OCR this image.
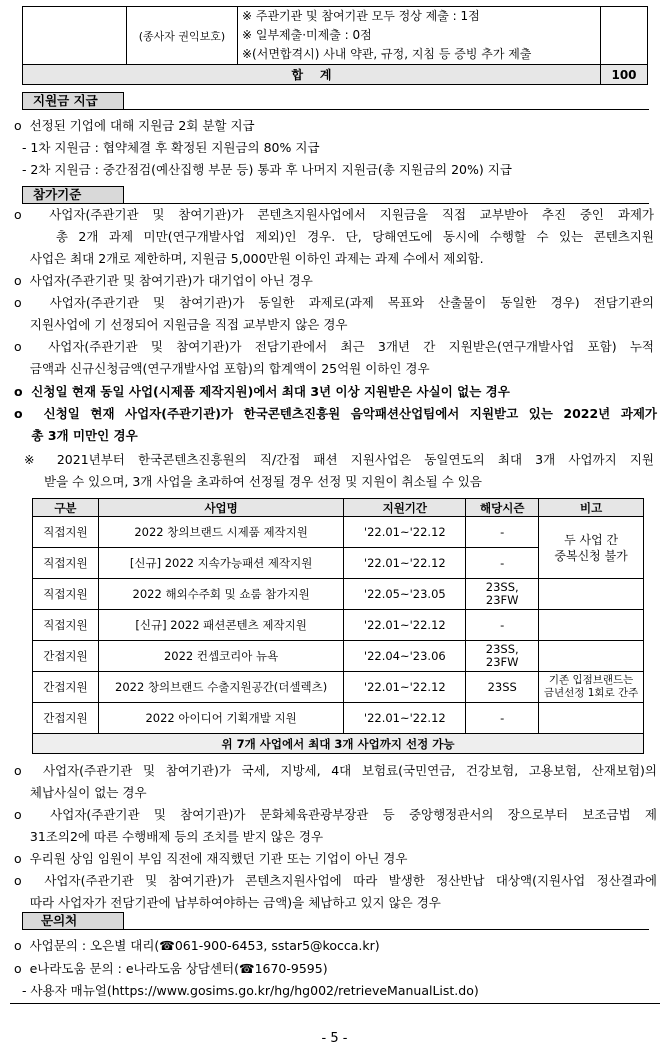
	(종사자 권익보호)	※ 주관기관 및 참여기관 모두 정상 제출 : 1점
※ 일부제출·미제출 : 0점
※(서면합격시) 사내 약관, 규정, 지침 등 증빙 추가 제출	

합    계			100
지원금 지급
o  선정된 기업에 대해 지원금 2회 분할 지급
- 1차 지원금 : 협약체결 후 확정된 지원금의 80% 지급
- 2차 지원금 : 중간점검(예산집행 부문 등) 통과 후 나머지 지원금(총 지원금의 20%) 지급
참가기준
o  사업자(주관기관 및 참여기관)가 콘텐츠지원사업에서 지원금을 직접 교부받아 추진 중인 과제가
총 2개 과제 미만(연구개발사업 제외)인 경우. 단, 당해연도에 동시에 수행할 수 있는 콘텐츠지원
사업은 최대 2개로 제한하며, 지원금 5,000만원 이하인 과제는 과제 수에서 제외함.
o  사업자(주관기관 및 참여기관)가 대기업이 아닌 경우
o  사업자(주관기관 및 참여기관)가 동일한 과제로(과제 목표와 산출물이 동일한 경우) 전담기관의
지원사업에 기 선정되어 지원금을 직접 교부받지 않은 경우
o  사업자(주관기관 및 참여기관)가 전담기관에서 최근 3개년 간 지원받은(연구개발사업 포함) 누적
금액과 신규신청금액(연구개발사업 포함)의 합계액이 25억원 이하인 경우
o  신청일 현재 동일 사업(시제품 제작지원)에서 최대 3년 이상 지원받은 사실이 없는 경우
o  신청일 현재 사업자(주관기관)가 한국콘텐츠진흥원 음악패션산업팀에서 지원받고 있는 2022년 과제가
총 3개 미만인 경우
※ 2021년부터 한국콘텐츠진흥원의 직/간접 패션 지원사업은 동일연도의 최대 3개 사업까지 지원
받을 수 있으며, 3개 사업을 초과하여 선정될 경우 선정 및 지원이 취소될 수 있음
구분	사업명	지원기간	해당시즌	비고
직접지원	2022 창의브랜드 시제품 제작지원	'22.01~'22.12	-	두 사업 간
중복신청 불가
직접지원	[신규] 2022 지속가능패션 제작지원	'22.01~'22.12	-	
직접지원	2022 해외수주회 및 쇼룸 참가지원	'22.05~'23.05	23SS,
23FW	
직접지원	[신규] 2022 패션콘텐츠 제작지원	'22.01~'22.12	-	
간접지원	2022 컨셉코리아 뉴욕	'22.04~'23.06	23SS,
23FW	
간접지원	2022 창의브랜드 수출지원공간(더셀렉츠)	'22.01~'22.12	23SS	기존 입점브랜드는
금년선정 1회로 간주
간접지원	2022 아이디어 기획개발 지원	'22.01~'22.12	-	
위 7개 사업에서 최대 3개 사업까지 선정 가능				
o  사업자(주관기관 및 참여기관)가 국세, 지방세, 4대 보험료(국민연금, 건강보험, 고용보험, 산재보험)의
체납사실이 없는 경우
o  사업자(주관기관 및 참여기관)가 문화체육관광부장관 등 중앙행정관서의 장으로부터 보조금법 제
31조의2에 따른 수행배제 등의 조치를 받지 않은 경우
o  우리원 상임 임원이 부임 직전에 재직했던 기관 또는 기업이 아닌 경우
o  사업자(주관기관 및 참여기관)가 콘텐츠지원사업에 따라 발생한 정산반납 대상액(지원사업 정산결과에
따라 사업자가 전담기관에 납부하여야하는 금액)을 체납하고 있지 않은 경우
문의처
o  사업문의 : 오은별 대리(☎061-900-6453, sstar5@kocca.kr)
o  e나라도움 문의 : e나라도움 상담센터(☎1670-9595)
- 사용자 매뉴얼(https://www.gosims.go.kr/hg/hg002/retrieveManualList.do)
- 5 -
